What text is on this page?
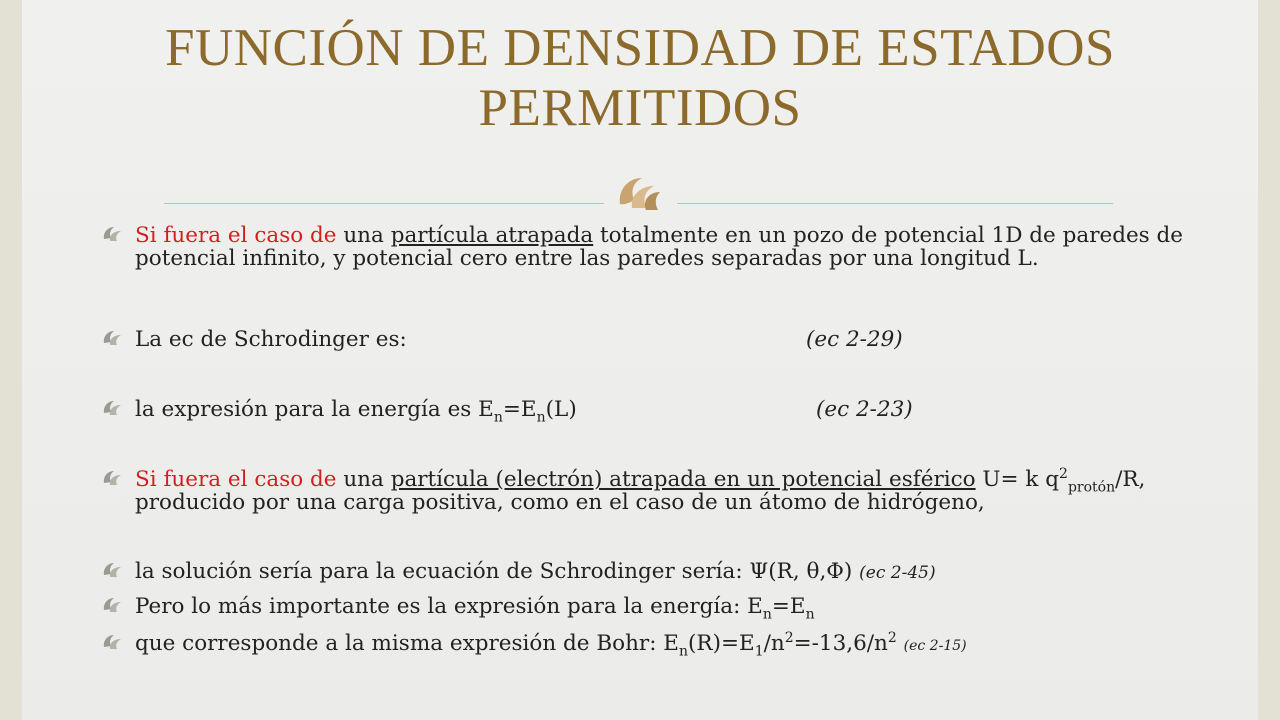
FUNCIÓN DE DENSIDAD DE ESTADOS
PERMITIDOS
Si fuera el caso de una partícula atrapada totalmente en un pozo de potencial 1D de paredes de potencial infinito, y potencial cero entre las paredes separadas por una longitud L.
La ec de Schrodinger es:	(ec 2-29)
la expresión para la energía es $E_n=E_n(L)$	(ec 2-23)
Si fuera el caso de una partícula (electrón) atrapada en un potencial esférico U= k $q^2_{protón}/R$, producido por una carga positiva, como en el caso de un átomo de hidrógeno,
la solución sería para la ecuación de Schrodinger sería: Ψ(R, θ,Φ) (ec 2-45)
Pero lo más importante es la expresión para la energía: $E_n=E_n$
que corresponde a la misma expresión de Bohr: $E_n(R)=E_1/n^2=-13,6/n^2$ (ec 2-15)
